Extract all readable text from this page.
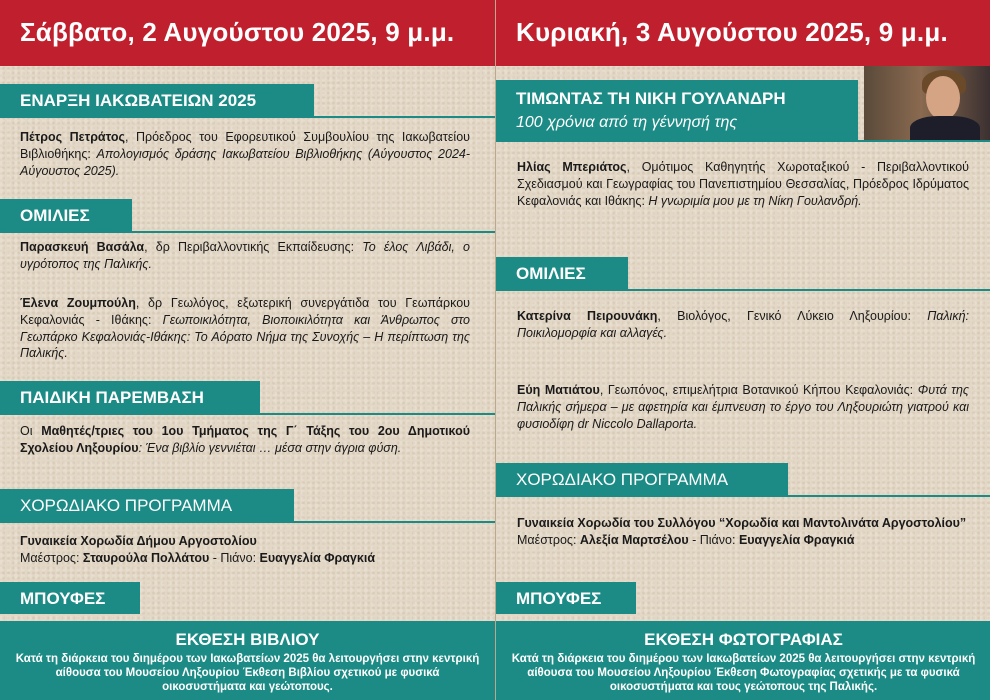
Σάββατο, 2 Αυγούστου 2025, 9 μ.μ.
ΕΝΑΡΞΗ ΙΑΚΩΒΑΤΕΙΩΝ 2025
Πέτρος Πετράτος, Πρόεδρος του Εφορευτικού Συμβουλίου της Ιακωβατείου Βιβλιοθήκης: Απολογισμός δράσης Ιακωβατείου Βιβλιοθήκης (Αύγουστος 2024- Αύγουστος 2025).
ΟΜΙΛΙΕΣ
Παρασκευή Βασάλα, δρ Περιβαλλοντικής Εκπαίδευσης: Το έλος Λιβάδι, ο υγρότοπος της Παλικής.
Έλενα Ζουμπούλη, δρ Γεωλόγος, εξωτερική συνεργάτιδα του Γεωπάρκου Κεφαλονιάς - Ιθάκης: Γεωποικιλότητα, Βιοποικιλότητα και Άνθρωπος στο Γεωπάρκο Κεφαλονιάς-Ιθάκης: Το Αόρατο Νήμα της Συνοχής – Η περίπτωση της Παλικής.
ΠΑΙΔΙΚΗ ΠΑΡΕΜΒΑΣΗ
Οι Μαθητές/τριες του 1ου Τμήματος της Γ΄ Τάξης του 2ου Δημοτικού Σχολείου Ληξουρίου: Ένα βιβλίο γεννιέται … μέσα στην άγρια φύση.
ΧΟΡΩΔΙΑΚΟ ΠΡΟΓΡΑΜΜΑ
Γυναικεία Χορωδία Δήμου Αργοστολίου
Μαέστρος: Σταυρούλα Πολλάτου - Πιάνο: Ευαγγελία Φραγκιά
ΜΠΟΥΦΕΣ
ΕΚΘΕΣΗ ΒΙΒΛΙΟΥ
Κατά τη διάρκεια του διημέρου των Ιακωβατείων 2025 θα λειτουργήσει στην κεντρική αίθουσα του Μουσείου Ληξουρίου Έκθεση Βιβλίου σχετικού με φυσικά οικοσυστήματα και γεώτοπους.
Κυριακή, 3 Αυγούστου 2025, 9 μ.μ.
ΤΙΜΩΝΤΑΣ ΤΗ ΝΙΚΗ ΓΟΥΛΑΝΔΡΗ
100 χρόνια από τη γέννησή της
Ηλίας Μπεριάτος, Ομότιμος Καθηγητής Χωροταξικού - Περιβαλλοντικού Σχεδιασμού και Γεωγραφίας του Πανεπιστημίου Θεσσαλίας, Πρόεδρος Ιδρύματος Κεφαλονιάς και Ιθάκης: Η γνωριμία μου με τη Νίκη Γουλανδρή.
ΟΜΙΛΙΕΣ
Κατερίνα Πειρουνάκη, Βιολόγος, Γενικό Λύκειο Ληξουρίου: Παλική: Ποικιλομορφία και αλλαγές.
Εύη Ματιάτου, Γεωπόνος, επιμελήτρια Βοτανικού Κήπου Κεφαλονιάς: Φυτά της Παλικής σήμερα – με αφετηρία και έμπνευση το έργο του Ληξουριώτη γιατρού και φυσιοδίφη dr Niccolo Dallaporta.
ΧΟΡΩΔΙΑΚΟ ΠΡΟΓΡΑΜΜΑ
Γυναικεία Χορωδία του Συλλόγου “Χορωδία και Μαντολινάτα Αργοστολίου”
Μαέστρος: Αλεξία Μαρτσέλου - Πιάνο: Ευαγγελία Φραγκιά
ΜΠΟΥΦΕΣ
ΕΚΘΕΣΗ ΦΩΤΟΓΡΑΦΙΑΣ
Κατά τη διάρκεια του διημέρου των Ιακωβατείων 2025 θα λειτουργήσει στην κεντρική αίθουσα του Μουσείου Ληξουρίου Έκθεση Φωτογραφίας σχετικής με τα φυσικά οικοσυστήματα και τους γεώτοπους της Παλικής.
